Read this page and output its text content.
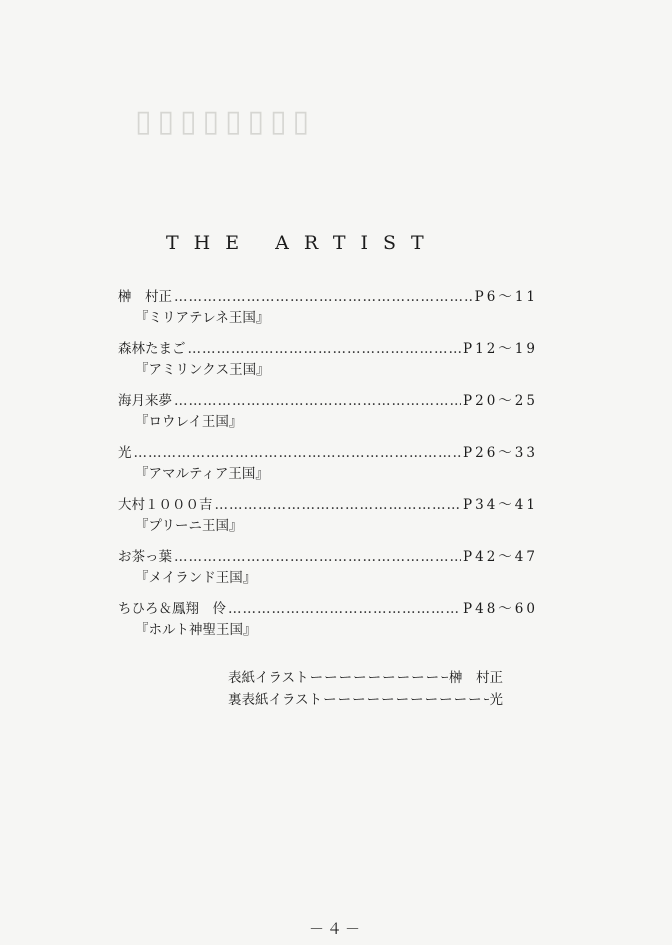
▯▯▯▯▯▯▯▯
THE ARTIST
榊　村正 …………………………………………………………………………………………………………	P6～11
『ミリアテレネ王国』
森林たまご …………………………………………………………………………………………………………	P12～19
『アミリンクス王国』
海月来夢 …………………………………………………………………………………………………………	P20～25
『ロウレイ王国』
光 …………………………………………………………………………………………………………	P26～33
『アマルティア王国』
大村１０００吉 …………………………………………………………………………………………………………	P34～41
『プリーニ王国』
お茶っ葉 …………………………………………………………………………………………………………	P42～47
『メイランド王国』
ちひろ＆鳳翔　伶 …………………………………………………………………………………………………………	P48～60
『ホルト神聖王国』
表紙イラスト ーーーーーーーーーーーーーーーーーーー	榊　村正
裏表紙イラスト ーーーーーーーーーーーーーーーーーーー	光
－４－
